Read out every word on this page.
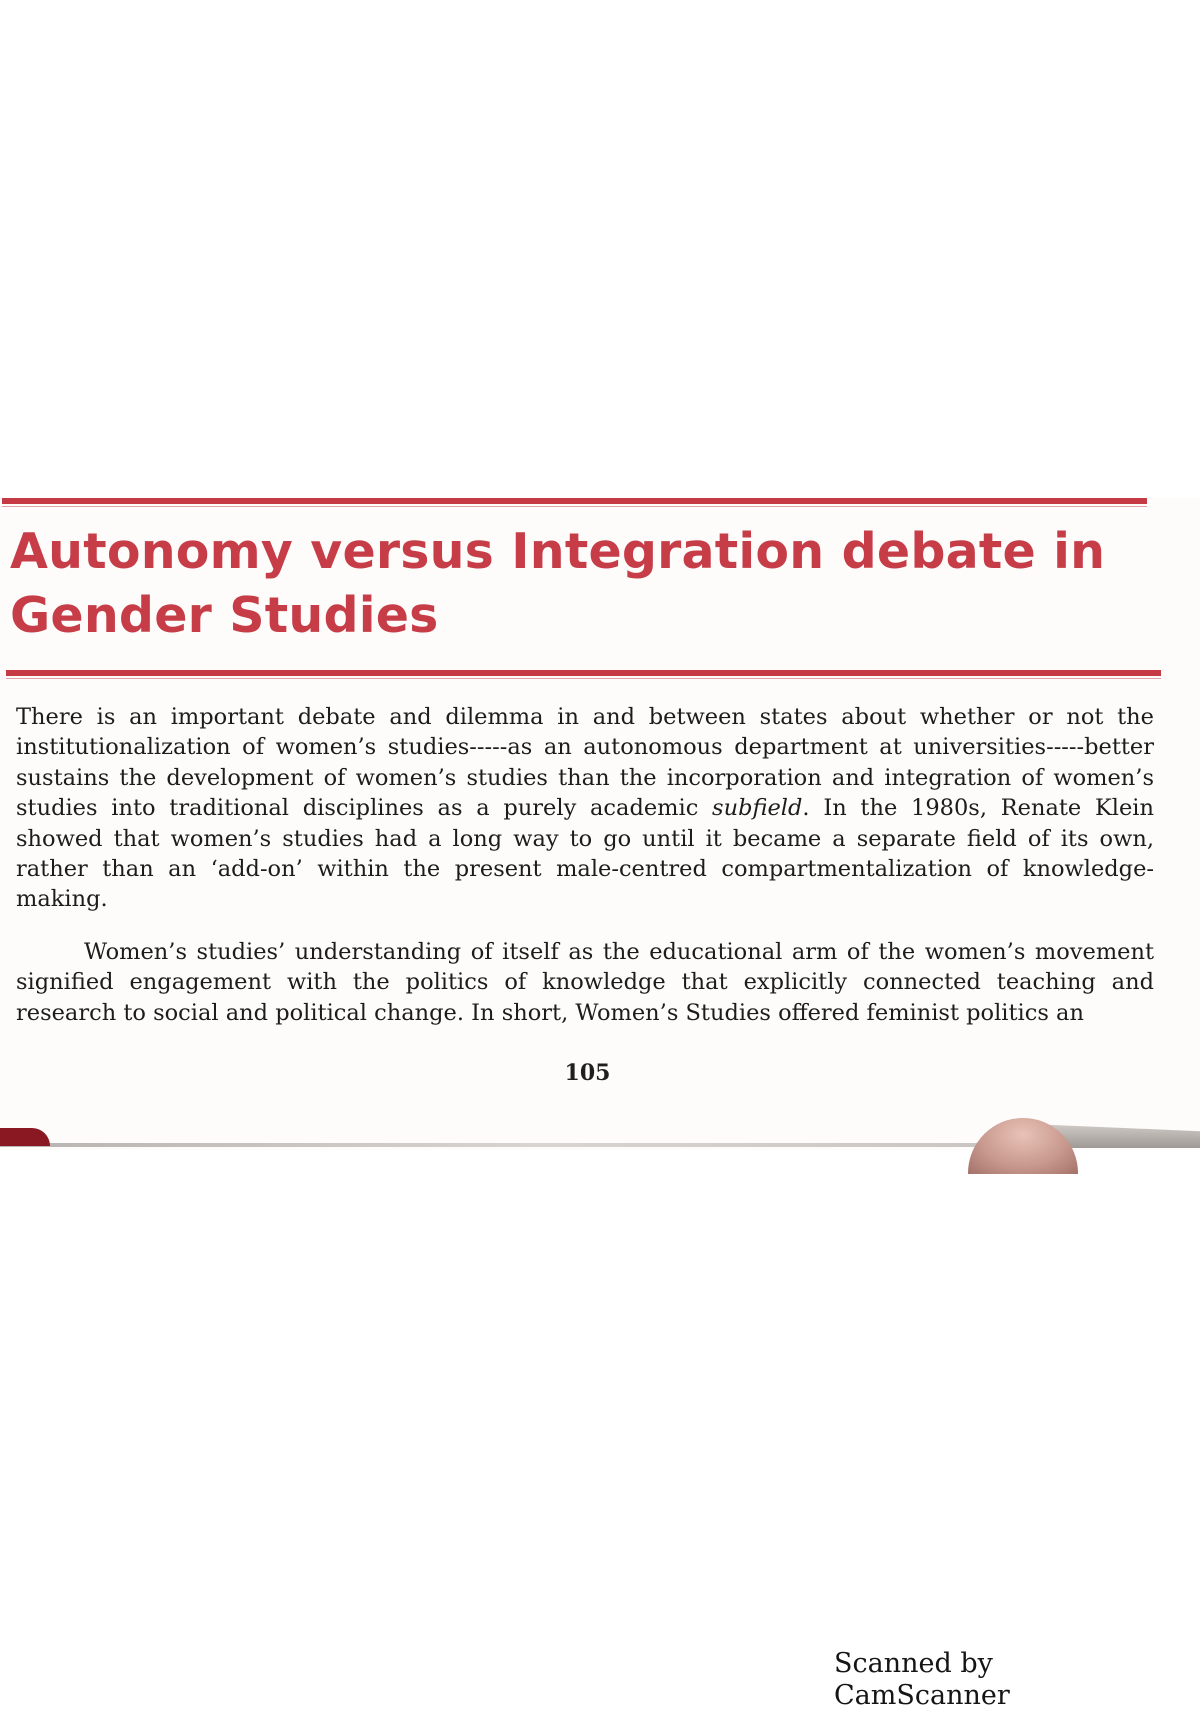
Autonomy versus Integration debate in
Gender Studies

There is an important debate and dilemma in and between states about whether or not the institutionalization of women’s studies-----as an autonomous department at universities-----better sustains the development of women’s studies than the incorporation and integration of women’s studies into traditional disciplines as a purely academic subfield. In the 1980s, Renate Klein showed that women’s studies had a long way to go until it became a separate field of its own, rather than an ‘add-on’ within the present male-centred compartmentalization of knowledge-making.

Women’s studies’ understanding of itself as the educational arm of the women’s movement signified engagement with the politics of knowledge that explicitly connected teaching and research to social and political change. In short, Women’s Studies offered feminist politics an

105
Scanned by CamScanner
